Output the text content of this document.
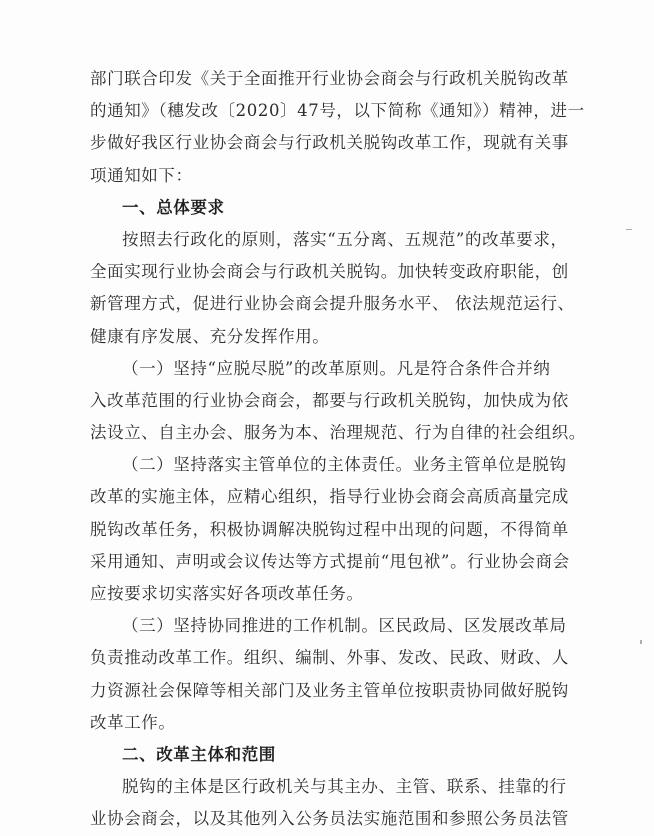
部门联合印发《关于全面推开行业协会商会与行政机关脱钩改革
的通知》（穗发改〔2020〕47号，以下简称《通知》）精神，进一
步做好我区行业协会商会与行政机关脱钩改革工作，现就有关事
项通知如下：
一、总体要求
按照去行政化的原则，落实“五分离、五规范”的改革要求，
全面实现行业协会商会与行政机关脱钩。加快转变政府职能，创
新管理方式，促进行业协会商会提升服务水平、 依法规范运行、
健康有序发展、充分发挥作用。
（一）坚持“应脱尽脱”的改革原则。凡是符合条件合并纳
入改革范围的行业协会商会，都要与行政机关脱钩，加快成为依
法设立、自主办会、服务为本、治理规范、行为自律的社会组织。
（二）坚持落实主管单位的主体责任。业务主管单位是脱钩
改革的实施主体，应精心组织，指导行业协会商会高质高量完成
脱钩改革任务，积极协调解决脱钩过程中出现的问题，不得简单
采用通知、声明或会议传达等方式提前“甩包袱”。行业协会商会
应按要求切实落实好各项改革任务。
（三）坚持协同推进的工作机制。区民政局、区发展改革局
负责推动改革工作。组织、编制、外事、发改、民政、财政、人
力资源社会保障等相关部门及业务主管单位按职责协同做好脱钩
改革工作。
二、改革主体和范围
脱钩的主体是区行政机关与其主办、主管、联系、挂靠的行
业协会商会，以及其他列入公务员法实施范围和参照公务员法管
